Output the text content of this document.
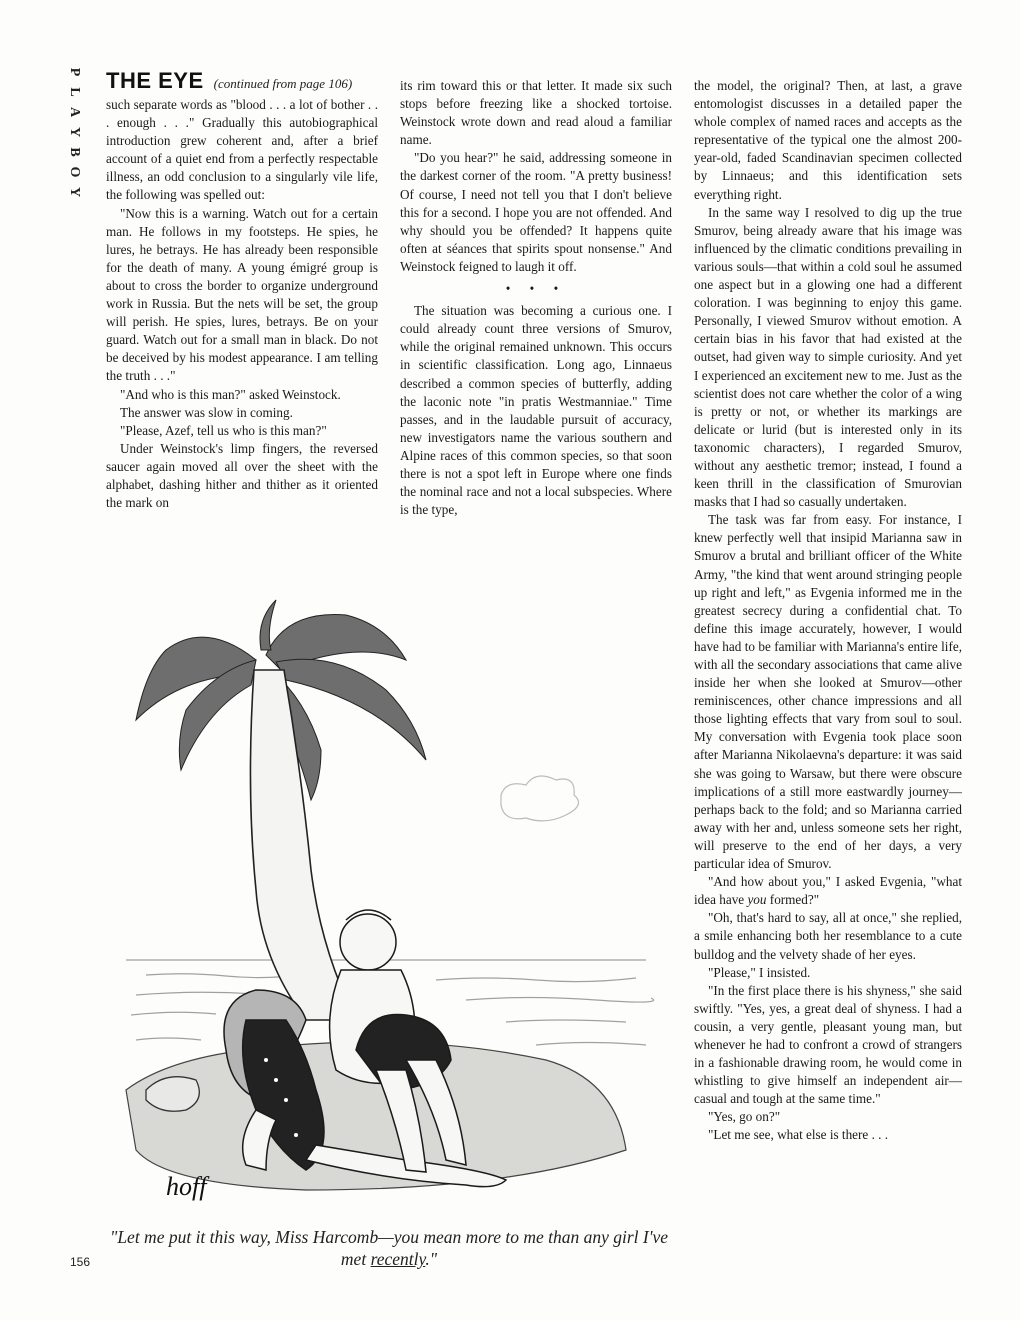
P
L
A
Y
B
O
Y
THE EYE (continued from page 106)

such separate words as "blood . . . a lot of bother . . . enough . . ." Gradually this autobiographical introduction grew coherent and, after a brief account of a quiet end from a perfectly respectable illness, an odd conclusion to a singularly vile life, the following was spelled out:

"Now this is a warning. Watch out for a certain man. He follows in my footsteps. He spies, he lures, he betrays. He has already been responsible for the death of many. A young émigré group is about to cross the border to organize underground work in Russia. But the nets will be set, the group will perish. He spies, lures, betrays. Be on your guard. Watch out for a small man in black. Do not be deceived by his modest appearance. I am telling the truth . . ."

"And who is this man?" asked Weinstock.

The answer was slow in coming.

"Please, Azef, tell us who is this man?"

Under Weinstock's limp fingers, the reversed saucer again moved all over the sheet with the alphabet, dashing hither and thither as it oriented the mark on

its rim toward this or that letter. It made six such stops before freezing like a shocked tortoise. Weinstock wrote down and read aloud a familiar name.

"Do you hear?" he said, addressing someone in the darkest corner of the room. "A pretty business! Of course, I need not tell you that I don't believe this for a second. I hope you are not offended. And why should you be offended? It happens quite often at séances that spirits spout nonsense." And Weinstock feigned to laugh it off.

• • •

The situation was becoming a curious one. I could already count three versions of Smurov, while the original remained unknown. This occurs in scientific classification. Long ago, Linnaeus described a common species of butterfly, adding the laconic note "in pratis Westmanniae." Time passes, and in the laudable pursuit of accuracy, new investigators name the various southern and Alpine races of this common species, so that soon there is not a spot left in Europe where one finds the nominal race and not a local subspecies. Where is the type,

the model, the original? Then, at last, a grave entomologist discusses in a detailed paper the whole complex of named races and accepts as the representative of the typical one the almost 200-year-old, faded Scandinavian specimen collected by Linnaeus; and this identification sets everything right.

In the same way I resolved to dig up the true Smurov, being already aware that his image was influenced by the climatic conditions prevailing in various souls—that within a cold soul he assumed one aspect but in a glowing one had a different coloration. I was beginning to enjoy this game. Personally, I viewed Smurov without emotion. A certain bias in his favor that had existed at the outset, had given way to simple curiosity. And yet I experienced an excitement new to me. Just as the scientist does not care whether the color of a wing is pretty or not, or whether its markings are delicate or lurid (but is interested only in its taxonomic characters), I regarded Smurov, without any aesthetic tremor; instead, I found a keen thrill in the classification of Smurovian masks that I had so casually undertaken.

The task was far from easy. For instance, I knew perfectly well that insipid Marianna saw in Smurov a brutal and brilliant officer of the White Army, "the kind that went around stringing people up right and left," as Evgenia informed me in the greatest secrecy during a confidential chat. To define this image accurately, however, I would have had to be familiar with Marianna's entire life, with all the secondary associations that came alive inside her when she looked at Smurov—other reminiscences, other chance impressions and all those lighting effects that vary from soul to soul. My conversation with Evgenia took place soon after Marianna Nikolaevna's departure: it was said she was going to Warsaw, but there were obscure implications of a still more eastwardly journey—perhaps back to the fold; and so Marianna carried away with her and, unless someone sets her right, will preserve to the end of her days, a very particular idea of Smurov.

"And how about you," I asked Evgenia, "what idea have you formed?"

"Oh, that's hard to say, all at once," she replied, a smile enhancing both her resemblance to a cute bulldog and the velvety shade of her eyes.

"Please," I insisted.

"In the first place there is his shyness," she said swiftly. "Yes, yes, a great deal of shyness. I had a cousin, a very gentle, pleasant young man, but whenever he had to confront a crowd of strangers in a fashionable drawing room, he would come in whistling to give himself an independent air—casual and tough at the same time."

"Yes, go on?"

"Let me see, what else is there . . .

hoff
"Let me put it this way, Miss Harcomb—you mean more to me than any girl I've met recently."
156
